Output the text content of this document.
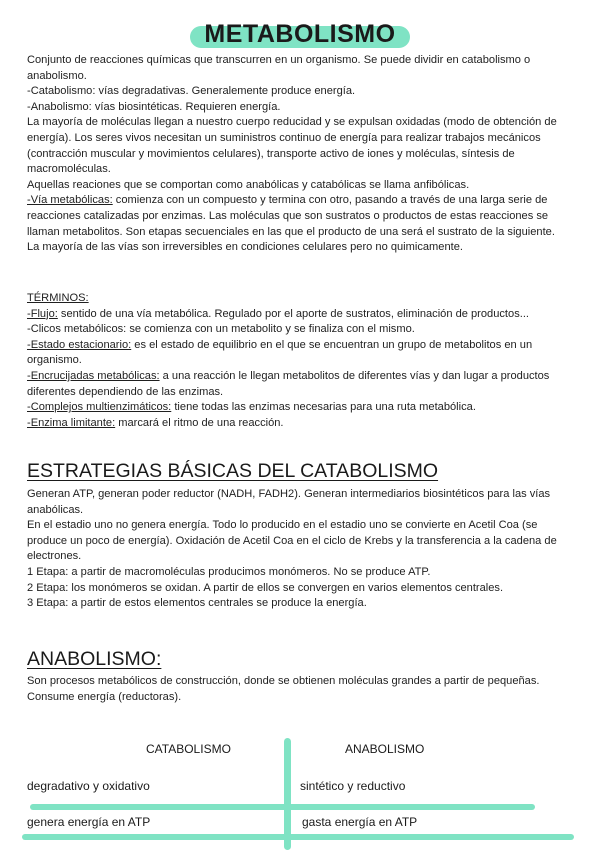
METABOLISMO

Conjunto de reacciones químicas que transcurren en un organismo. Se puede dividir en catabolismo o anabolismo.

-Catabolismo: vías degradativas. Generalemente produce energía.

-Anabolismo: vías biosintéticas. Requieren energía.

La mayoría de moléculas llegan a nuestro cuerpo reducidad y se expulsan oxidadas (modo de obtención de energía). Los seres vivos necesitan un suministros continuo de energía para realizar trabajos mecánicos (contracción muscular y movimientos celulares), transporte activo de iones y moléculas, síntesis de macromoléculas.

Aquellas reaciones que se comportan como anabólicas y catabólicas se llama anfibólicas.

-Vía metabólicas: comienza con un compuesto y termina con otro, pasando a través de una larga serie de reacciones catalizadas por enzimas. Las moléculas que son sustratos o productos de estas reacciones se llaman metabolitos. Son etapas secuenciales en las que el producto de una será el sustrato de la siguiente.

La mayoría de las vías son irreversibles en condiciones celulares pero no quimicamente.

TÉRMINOS:

-Flujo: sentido de una vía metabólica. Regulado por el aporte de sustratos, eliminación de productos...

-Clicos metabólicos: se comienza con un metabolito y se finaliza con el mismo.

-Estado estacionario: es el estado de equilibrio en el que se encuentran un grupo de metabolitos en un organismo.

-Encrucijadas metabólicas: a una reacción le llegan metabolitos de diferentes vías y dan lugar a productos diferentes dependiendo de las enzimas.

-Complejos multienzimáticos: tiene todas las enzimas necesarias para una ruta metabólica.

-Enzima limitante: marcará el ritmo de una reacción.

ESTRATEGIAS BÁSICAS DEL CATABOLISMO

Generan ATP, generan poder reductor (NADH, FADH2). Generan intermediarios biosintéticos para las vías anabólicas.

En el estadio uno no genera energía. Todo lo producido en el estadio uno se convierte en Acetil Coa (se produce un poco de energía). Oxidación de Acetil Coa en el ciclo de Krebs y la transferencia a la cadena de electrones.

1 Etapa: a partir de macromoléculas producimos monómeros. No se produce ATP.

2 Etapa: los monómeros se oxidan. A partir de ellos se convergen en varios elementos centrales.

3 Etapa: a partir de estos elementos centrales se produce la energía.

ANABOLISMO:

Son procesos metabólicos de construcción, donde se obtienen moléculas grandes a partir de pequeñas. Consume energía (reductoras).

CATABOLISMO	ANABOLISMO
degradativo y oxidativo	sintético y reductivo
genera energía en ATP	gasta energía en ATP
